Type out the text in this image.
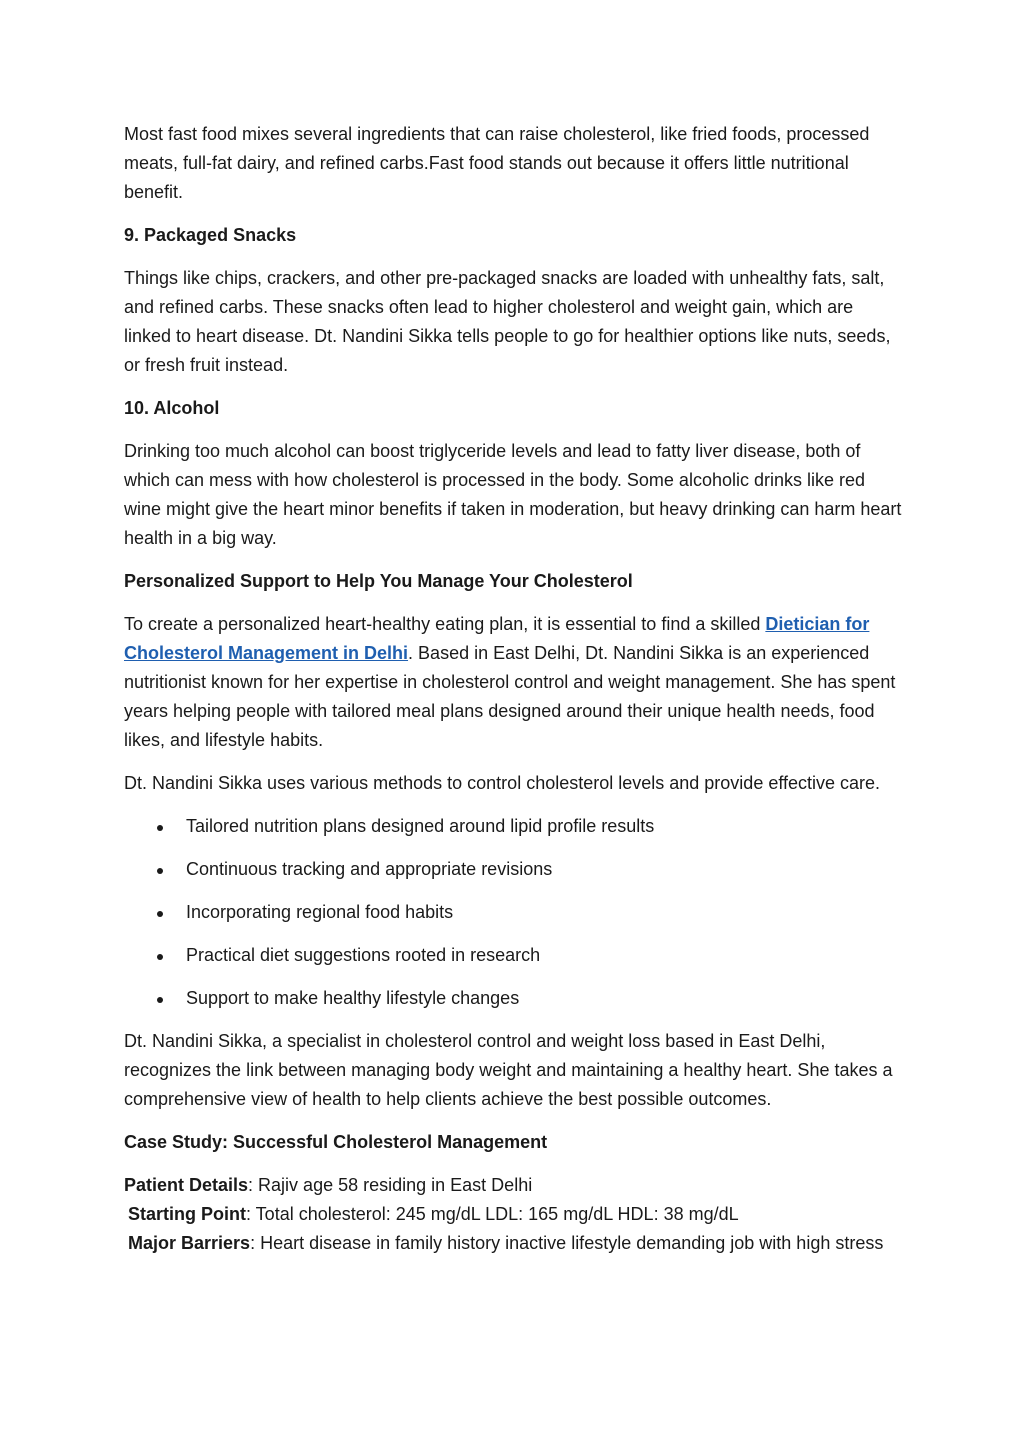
Most fast food mixes several ingredients that can raise cholesterol, like fried foods, processed meats, full-fat dairy, and refined carbs.Fast food stands out because it offers little nutritional benefit.

9. Packaged Snacks

Things like chips, crackers, and other pre-packaged snacks are loaded with unhealthy fats, salt, and refined carbs. These snacks often lead to higher cholesterol and weight gain, which are linked to heart disease. Dt. Nandini Sikka tells people to go for healthier options like nuts, seeds, or fresh fruit instead.

10. Alcohol

Drinking too much alcohol can boost triglyceride levels and lead to fatty liver disease, both of which can mess with how cholesterol is processed in the body. Some alcoholic drinks like red wine might give the heart minor benefits if taken in moderation, but heavy drinking can harm heart health in a big way.

Personalized Support to Help You Manage Your Cholesterol

To create a personalized heart-healthy eating plan, it is essential to find a skilled Dietician for Cholesterol Management in Delhi. Based in East Delhi, Dt. Nandini Sikka is an experienced nutritionist known for her expertise in cholesterol control and weight management. She has spent years helping people with tailored meal plans designed around their unique health needs, food likes, and lifestyle habits.

Dt. Nandini Sikka uses various methods to control cholesterol levels and provide effective care.

Tailored nutrition plans designed around lipid profile results
Continuous tracking and appropriate revisions
Incorporating regional food habits
Practical diet suggestions rooted in research
Support to make healthy lifestyle changes

Dt. Nandini Sikka, a specialist in cholesterol control and weight loss based in East Delhi, recognizes the link between managing body weight and maintaining a healthy heart. She takes a comprehensive view of health to help clients achieve the best possible outcomes.

Case Study: Successful Cholesterol Management
Patient Details: Rajiv age 58 residing in East Delhi
Starting Point: Total cholesterol: 245 mg/dL LDL: 165 mg/dL HDL: 38 mg/dL
Major Barriers: Heart disease in family history inactive lifestyle demanding job with high stress
